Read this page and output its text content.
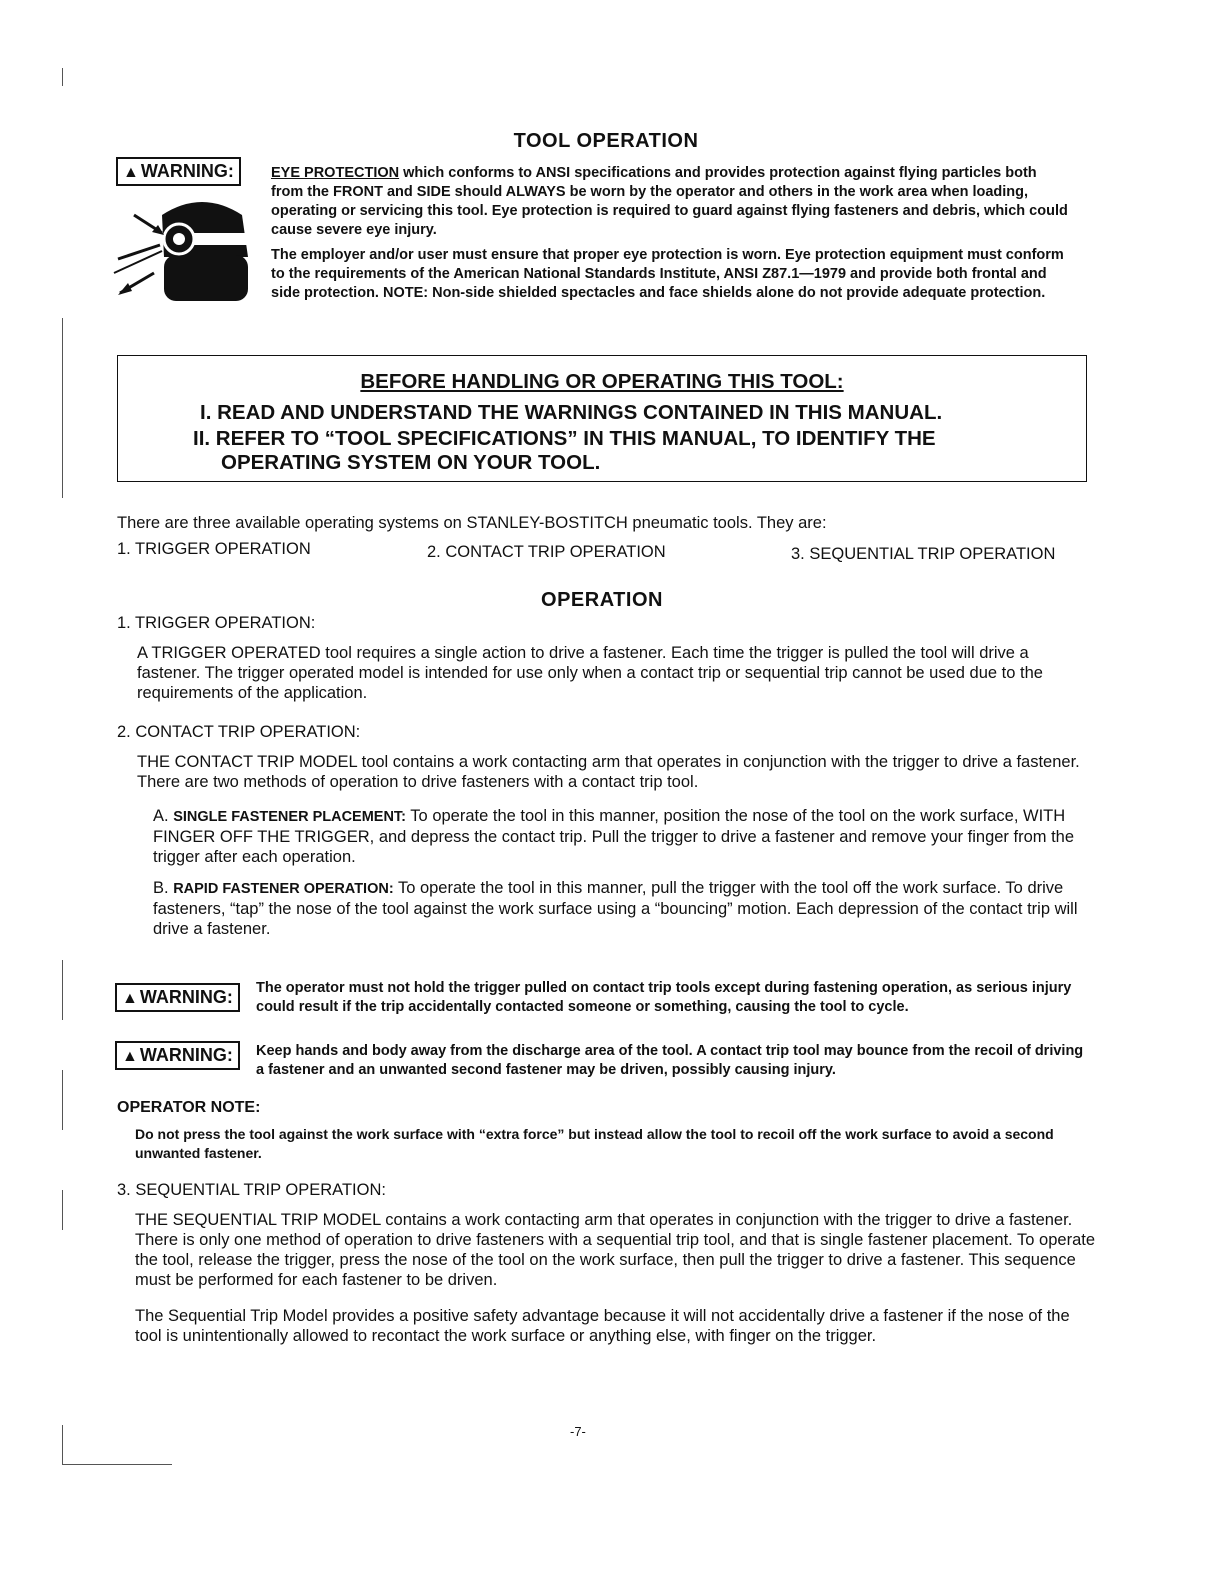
TOOL OPERATION
▲ WARNING:	EYE PROTECTION which conforms to ANSI specifications and provides protection against flying particles both from the FRONT and SIDE should ALWAYS be worn by the operator and others in the work area when loading, operating or servicing this tool. Eye protection is required to guard against flying fasteners and debris, which could cause severe eye injury.

The employer and/or user must ensure that proper eye protection is worn. Eye protection equipment must conform to the requirements of the American National Standards Institute, ANSI Z87.1—1979 and provide both frontal and side protection. NOTE: Non-side shielded spectacles and face shields alone do not provide adequate protection.

BEFORE HANDLING OR OPERATING THIS TOOL:
I. READ AND UNDERSTAND THE WARNINGS CONTAINED IN THIS MANUAL.
II. REFER TO “TOOL SPECIFICATIONS” IN THIS MANUAL, TO IDENTIFY THE
OPERATING SYSTEM ON YOUR TOOL.
There are three available operating systems on STANLEY-BOSTITCH pneumatic tools. They are:
1. TRIGGER OPERATION	2. CONTACT TRIP OPERATION	3. SEQUENTIAL TRIP OPERATION
OPERATION
1. TRIGGER OPERATION:
A TRIGGER OPERATED tool requires a single action to drive a fastener. Each time the trigger is pulled the tool will drive a fastener. The trigger operated model is intended for use only when a contact trip or sequential trip cannot be used due to the requirements of the application.
2. CONTACT TRIP OPERATION:
THE CONTACT TRIP MODEL tool contains a work contacting arm that operates in conjunction with the trigger to drive a fastener. There are two methods of operation to drive fasteners with a contact trip tool.
A. SINGLE FASTENER PLACEMENT: To operate the tool in this manner, position the nose of the tool on the work surface, WITH FINGER OFF THE TRIGGER, and depress the contact trip. Pull the trigger to drive a fastener and remove your finger from the trigger after each operation.
B. RAPID FASTENER OPERATION: To operate the tool in this manner, pull the trigger with the tool off the work surface. To drive fasteners, “tap” the nose of the tool against the work surface using a “bouncing” motion. Each depression of the contact trip will drive a fastener.
▲ WARNING:	The operator must not hold the trigger pulled on contact trip tools except during fastening operation, as serious injury could result if the trip accidentally contacted someone or something, causing the tool to cycle.
▲ WARNING:	Keep hands and body away from the discharge area of the tool. A contact trip tool may bounce from the recoil of driving a fastener and an unwanted second fastener may be driven, possibly causing injury.
OPERATOR NOTE:
Do not press the tool against the work surface with “extra force” but instead allow the tool to recoil off the work surface to avoid a second unwanted fastener.
3. SEQUENTIAL TRIP OPERATION:
THE SEQUENTIAL TRIP MODEL contains a work contacting arm that operates in conjunction with the trigger to drive a fastener. There is only one method of operation to drive fasteners with a sequential trip tool, and that is single fastener placement. To operate the tool, release the trigger, press the nose of the tool on the work surface, then pull the trigger to drive a fastener. This sequence must be performed for each fastener to be driven.
The Sequential Trip Model provides a positive safety advantage because it will not accidentally drive a fastener if the nose of the tool is unintentionally allowed to recontact the work surface or anything else, with finger on the trigger.
-7-
